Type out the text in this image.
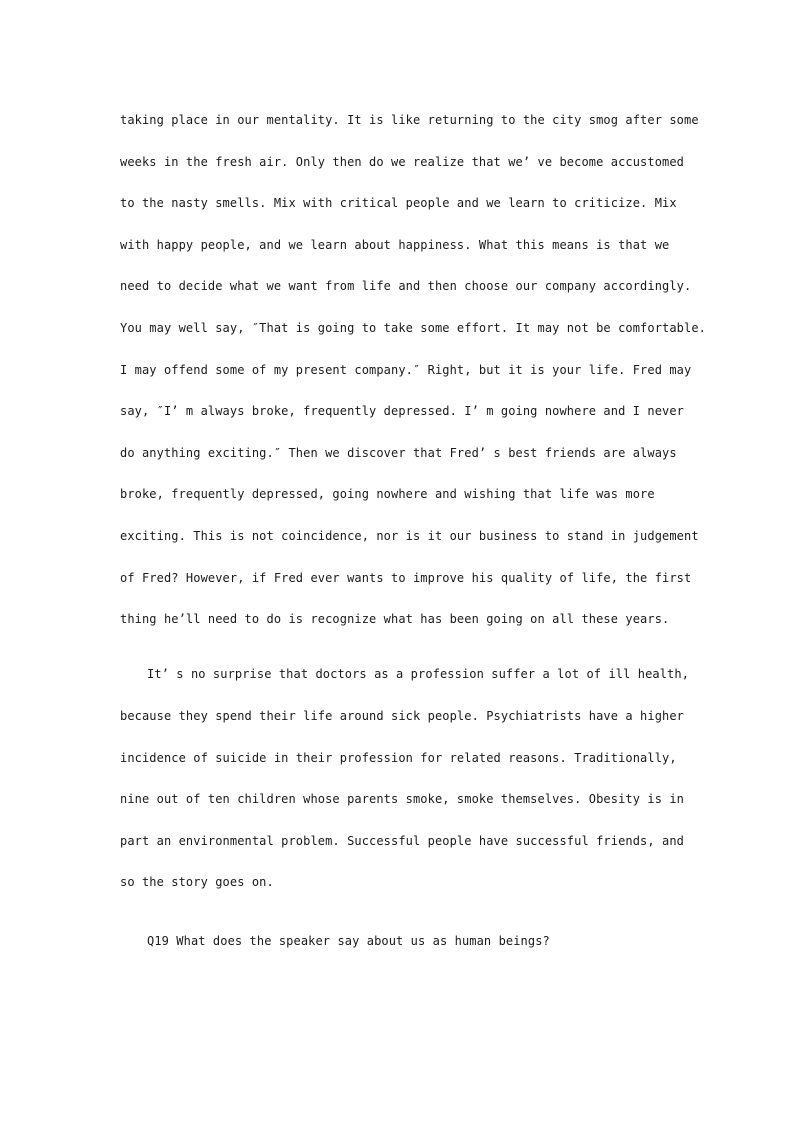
taking place in our mentality. It is like returning to the city smog after some

weeks in the fresh air. Only then do we realize that we’ ve become accustomed

to the nasty smells. Mix with critical people and we learn to criticize. Mix

with happy people, and we learn about happiness. What this means is that we

need to decide what we want from life and then choose our company accordingly.

You may well say, ″That is going to take some effort. It may not be comfortable.

I may offend some of my present company.″ Right, but it is your life. Fred may

say, ″I’ m always broke, frequently depressed. I’ m going nowhere and I never

do anything exciting.″ Then we discover that Fred’ s best friends are always

broke, frequently depressed, going nowhere and wishing that life was more

exciting. This is not coincidence, nor is it our business to stand in judgement

of Fred? However, if Fred ever wants to improve his quality of life, the first

thing he’ll need to do is recognize what has been going on all these years.

It’ s no surprise that doctors as a profession suffer a lot of ill health,

because they spend their life around sick people. Psychiatrists have a higher

incidence of suicide in their profession for related reasons. Traditionally,

nine out of ten children whose parents smoke, smoke themselves. Obesity is in

part an environmental problem. Successful people have successful friends, and

so the story goes on.

Q19 What does the speaker say about us as human beings?
